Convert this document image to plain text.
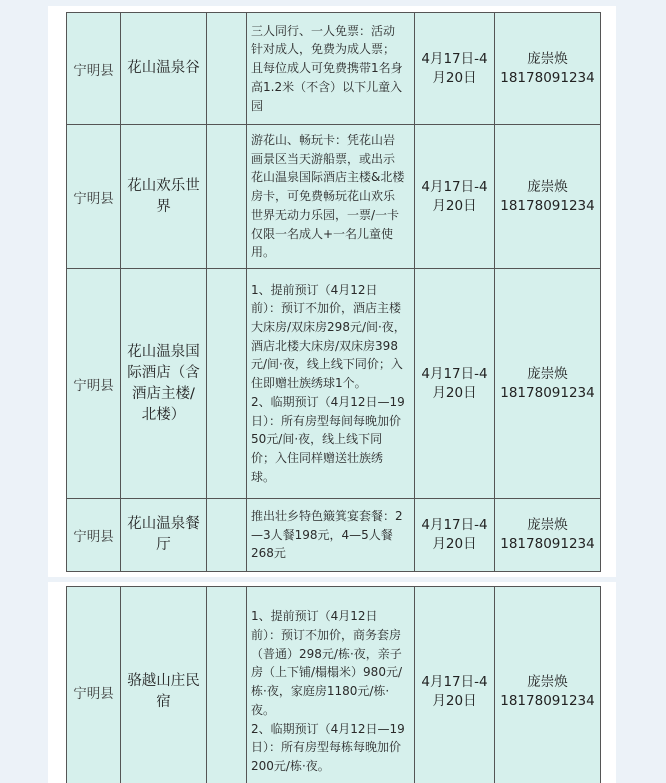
宁明县	花山温泉谷		三人同行、一人免票：活动针对成人，免费为成人票；且每位成人可免费携带1名身高1.2米（不含）以下儿童入园	4月17日-4月20日	庞崇焕
18178091234

宁明县	花山欢乐世界		游花山、畅玩卡：凭花山岩画景区当天游船票，或出示花山温泉国际酒店主楼&北楼房卡，可免费畅玩花山欢乐世界无动力乐园，一票/一卡仅限一名成人+一名儿童使用。	4月17日-4月20日	庞崇焕
18178091234

宁明县	花山温泉国际酒店（含酒店主楼/北楼）		1、提前预订（4月12日前）：预订不加价，酒店主楼大床房/双床房298元/间·夜，酒店北楼大床房/双床房398元/间·夜，线上线下同价；入住即赠壮族绣球1个。
2、临期预订（4月12日—19日）：所有房型每间每晚加价50元/间·夜，线上线下同价；入住同样赠送壮族绣球。	4月17日-4月20日	庞崇焕
18178091234

宁明县	花山温泉餐厅		推出壮乡特色簸箕宴套餐：2—3人餐198元，4—5人餐268元	4月17日-4月20日	庞崇焕
18178091234
宁明县	骆越山庄民宿		1、提前预订（4月12日前）：预订不加价，商务套房（普通）298元/栋·夜，亲子房（上下铺/榻榻米）980元/栋·夜，家庭房1180元/栋·夜。
2、临期预订（4月12日—19日）：所有房型每栋每晚加价200元/栋·夜。	4月17日-4月20日	
庞崇焕
18178091234
